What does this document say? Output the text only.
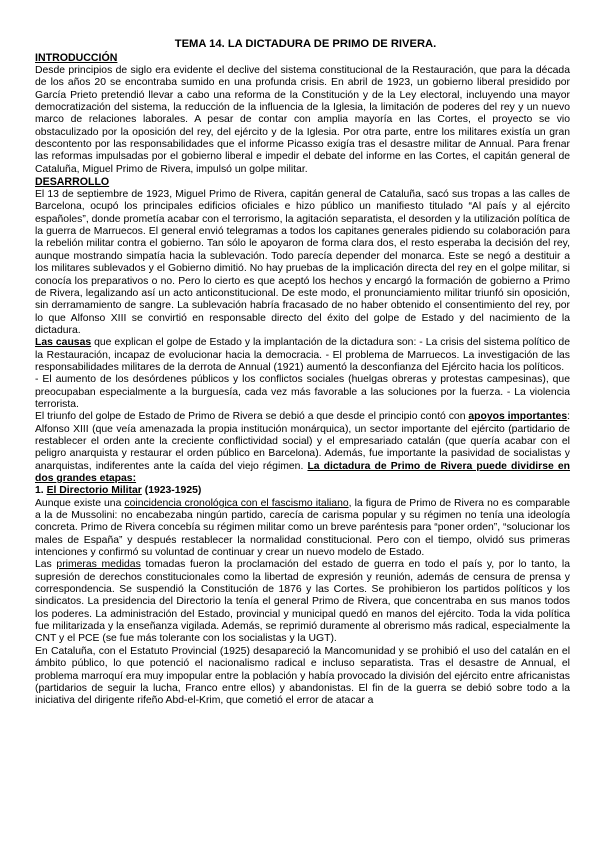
TEMA 14. LA DICTADURA DE PRIMO DE RIVERA.
INTRODUCCIÓN

Desde principios de siglo era evidente el declive del sistema constitucional de la Restauración, que para la década de los años 20 se encontraba sumido en una profunda crisis. En abril de 1923, un gobierno liberal presidido por García Prieto pretendió llevar a cabo una reforma de la Constitución y de la Ley electoral, incluyendo una mayor democratización del sistema, la reducción de la influencia de la Iglesia, la limitación de poderes del rey y un nuevo marco de relaciones laborales. A pesar de contar con amplia mayoría en las Cortes, el proyecto se vio obstaculizado por la oposición del rey, del ejército y de la Iglesia. Por otra parte, entre los militares existía un gran descontento por las responsabilidades que el informe Picasso exigía tras el desastre militar de Annual. Para frenar las reformas impulsadas por el gobierno liberal e impedir el debate del informe en las Cortes, el capitán general de Cataluña, Miguel Primo de Rivera, impulsó un golpe militar.

DESARROLLO

El 13 de septiembre de 1923, Miguel Primo de Rivera, capitán general de Cataluña, sacó sus tropas a las calles de Barcelona, ocupó los principales edificios oficiales e hizo público un manifiesto titulado “Al país y al ejército españoles”, donde prometía acabar con el terrorismo, la agitación separatista, el desorden y la utilización política de la guerra de Marruecos. El general envió telegramas a todos los capitanes generales pidiendo su colaboración para la rebelión militar contra el gobierno. Tan sólo le apoyaron de forma clara dos, el resto esperaba la decisión del rey, aunque mostrando simpatía hacia la sublevación. Todo parecía depender del monarca. Este se negó a destituir a los militares sublevados y el Gobierno dimitió. No hay pruebas de la implicación directa del rey en el golpe militar, si conocía los preparativos o no. Pero lo cierto es que aceptó los hechos y encargó la formación de gobierno a Primo de Rivera, legalizando así un acto anticonstitucional. De este modo, el pronunciamiento militar triunfó sin oposición, sin derramamiento de sangre. La sublevación habría fracasado de no haber obtenido el consentimiento del rey, por lo que Alfonso XIII se convirtió en responsable directo del éxito del golpe de Estado y del nacimiento de la dictadura.

Las causas que explican el golpe de Estado y la implantación de la dictadura son: - La crisis del sistema político de la Restauración, incapaz de evolucionar hacia la democracia. - El problema de Marruecos. La investigación de las responsabilidades militares de la derrota de Annual (1921) aumentó la desconfianza del Ejército hacia los políticos.

- El aumento de los desórdenes públicos y los conflictos sociales (huelgas obreras y protestas campesinas), que preocupaban especialmente a la burguesía, cada vez más favorable a las soluciones por la fuerza. - La violencia terrorista.

El triunfo del golpe de Estado de Primo de Rivera se debió a que desde el principio contó con apoyos importantes: Alfonso XIII (que veía amenazada la propia institución monárquica), un sector importante del ejército (partidario de restablecer el orden ante la creciente conflictividad social) y el empresariado catalán (que quería acabar con el peligro anarquista y restaurar el orden público en Barcelona). Además, fue importante la pasividad de socialistas y anarquistas, indiferentes ante la caída del viejo régimen. La dictadura de Primo de Rivera puede dividirse en dos grandes etapas:

1. El Directorio Militar (1923-1925)

Aunque existe una coincidencia cronológica con el fascismo italiano, la figura de Primo de Rivera no es comparable a la de Mussolini: no encabezaba ningún partido, carecía de carisma popular y su régimen no tenía una ideología concreta. Primo de Rivera concebía su régimen militar como un breve paréntesis para “poner orden”, “solucionar los males de España” y después restablecer la normalidad constitucional. Pero con el tiempo, olvidó sus primeras intenciones y confirmó su voluntad de continuar y crear un nuevo modelo de Estado.

Las primeras medidas tomadas fueron la proclamación del estado de guerra en todo el país y, por lo tanto, la supresión de derechos constitucionales como la libertad de expresión y reunión, además de censura de prensa y correspondencia. Se suspendió la Constitución de 1876 y las Cortes. Se prohibieron los partidos políticos y los sindicatos. La presidencia del Directorio la tenía el general Primo de Rivera, que concentraba en sus manos todos los poderes. La administración del Estado, provincial y municipal quedó en manos del ejército. Toda la vida política fue militarizada y la enseñanza vigilada. Además, se reprimió duramente al obrerismo más radical, especialmente la CNT y el PCE (se fue más tolerante con los socialistas y la UGT).

En Cataluña, con el Estatuto Provincial (1925) desapareció la Mancomunidad y se prohibió el uso del catalán en el ámbito público, lo que potenció el nacionalismo radical e incluso separatista. Tras el desastre de Annual, el problema marroquí era muy impopular entre la población y había provocado la división del ejército entre africanistas (partidarios de seguir la lucha, Franco entre ellos) y abandonistas. El fin de la guerra se debió sobre todo a la iniciativa del dirigente rifeño Abd-el-Krim, que cometió el error de atacar a
